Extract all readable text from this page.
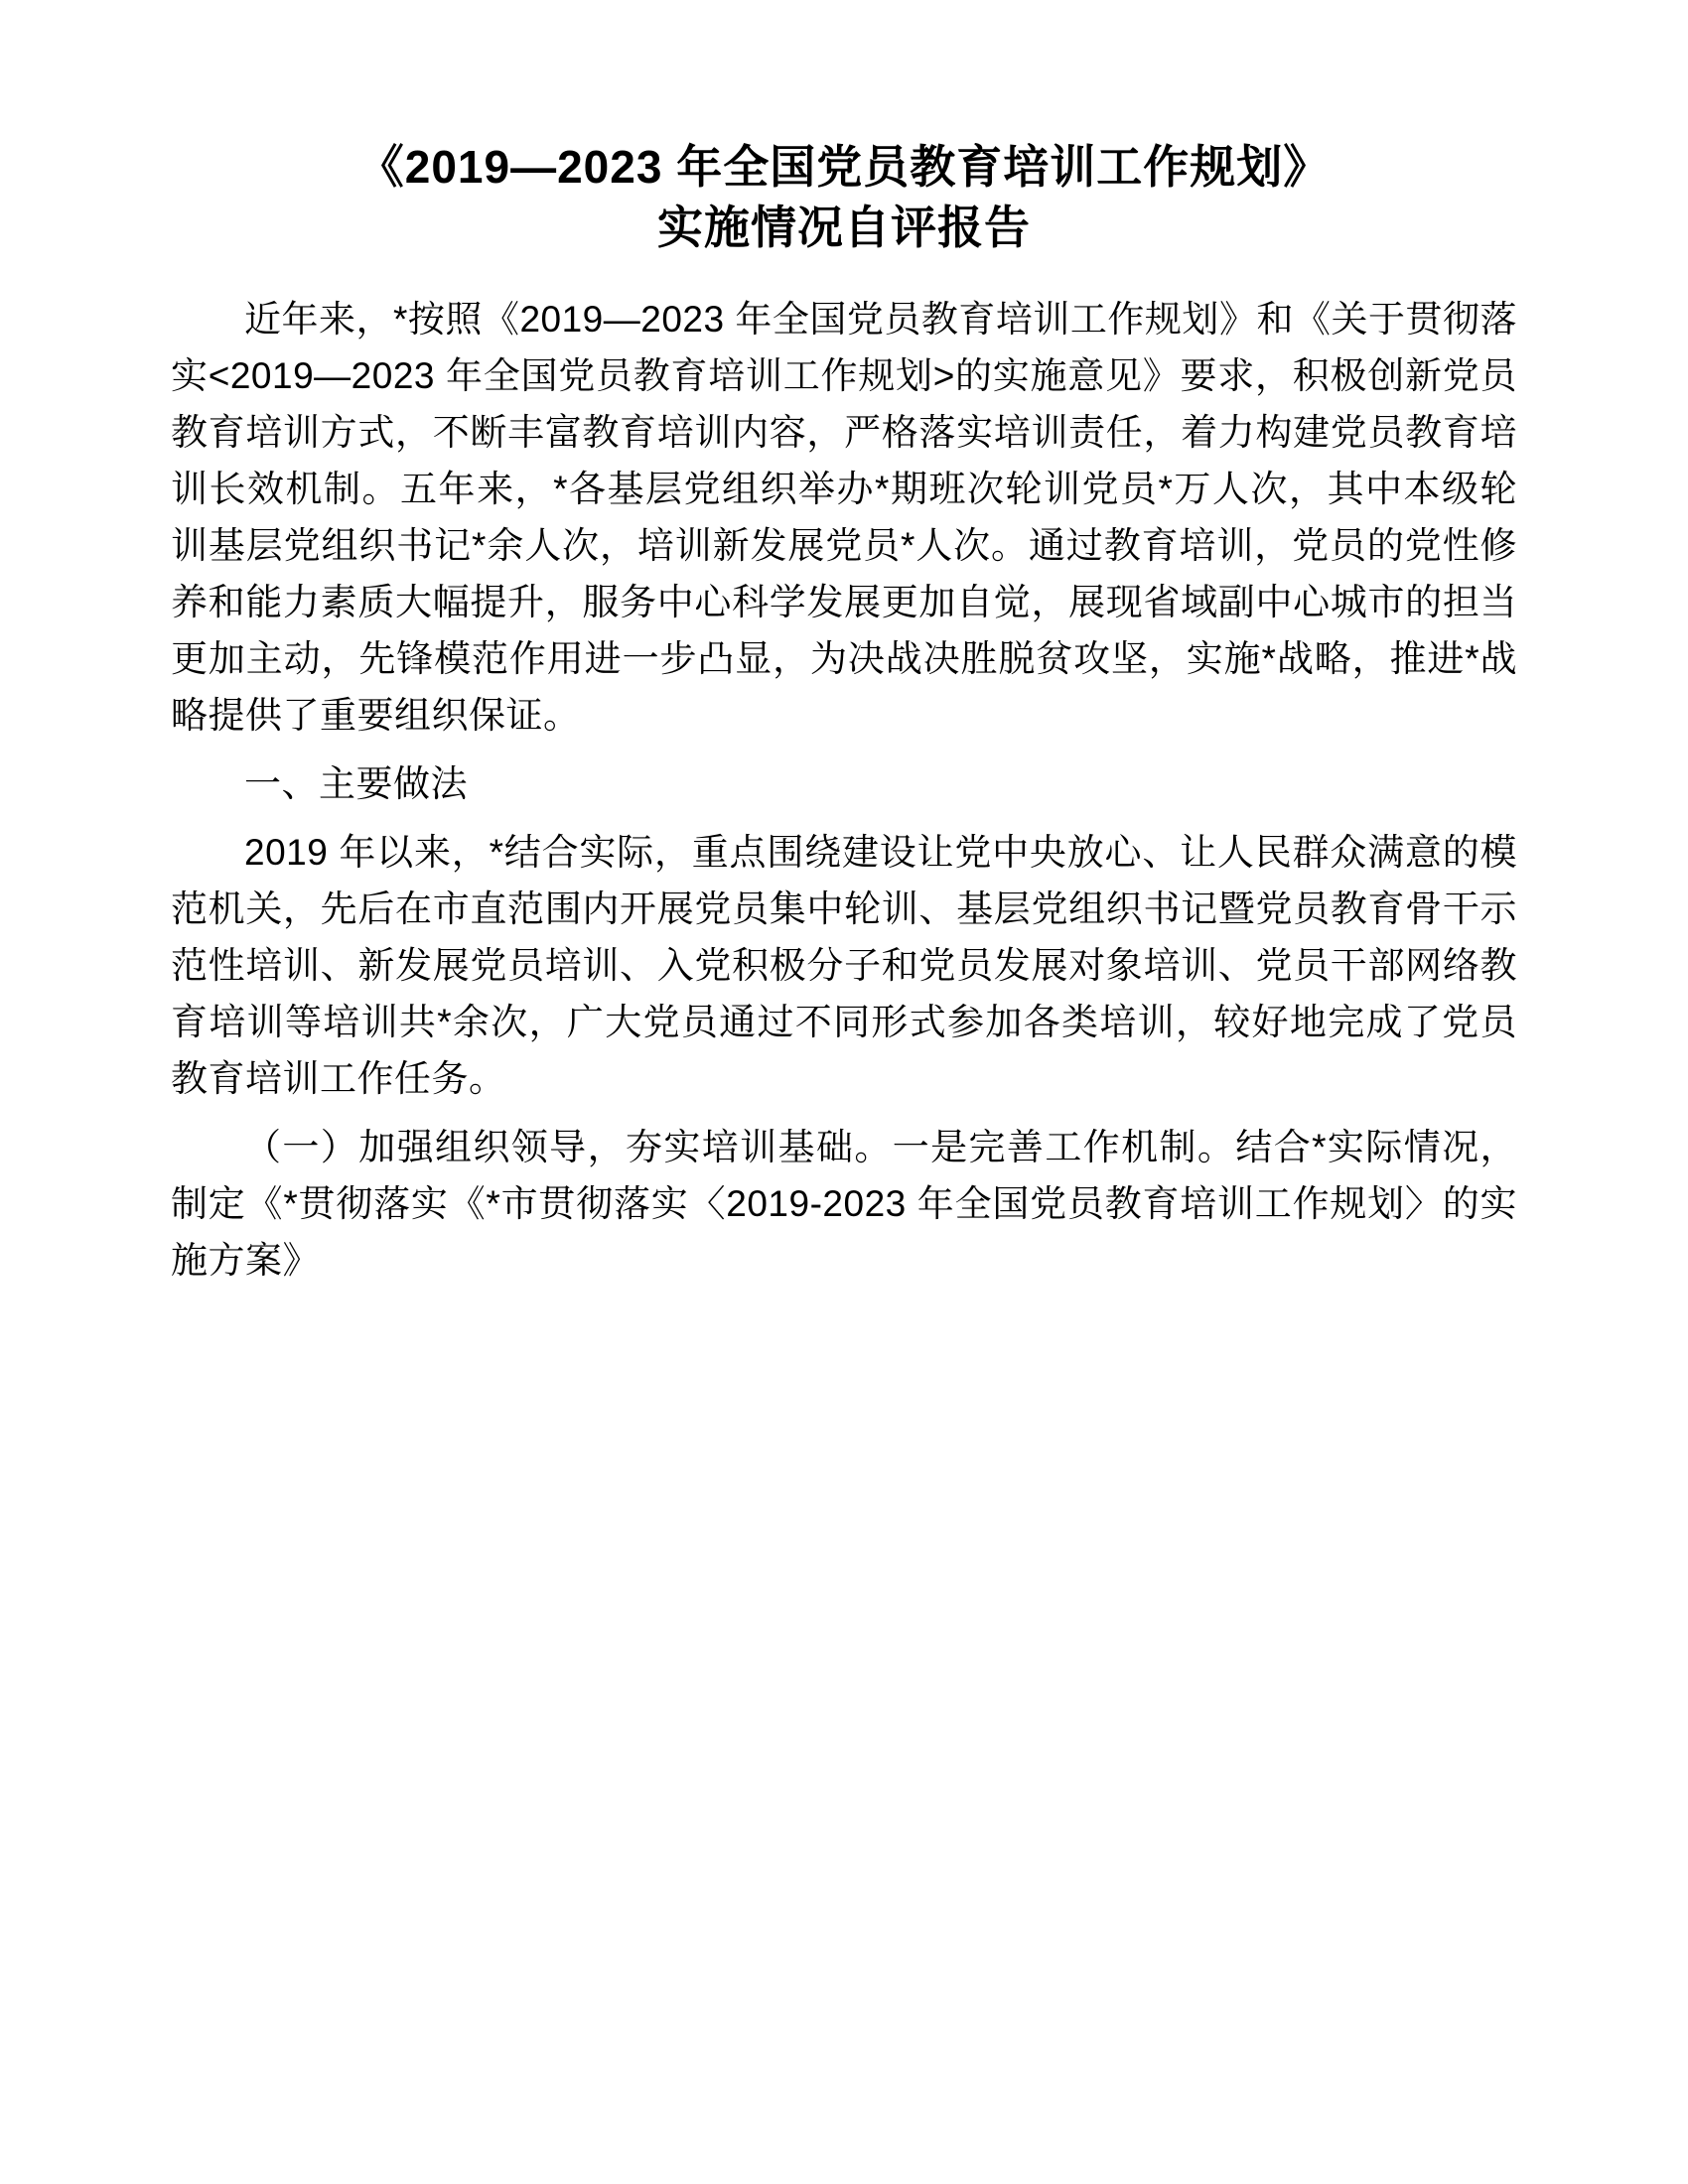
《2019—2023 年全国党员教育培训工作规划》
实施情况自评报告

近年来，*按照《2019—2023 年全国党员教育培训工作规划》和《关于贯彻落实<2019—2023 年全国党员教育培训工作规划>的实施意见》要求，积极创新党员教育培训方式，不断丰富教育培训内容，严格落实培训责任，着力构建党员教育培训长效机制。五年来，*各基层党组织举办*期班次轮训党员*万人次，其中本级轮训基层党组织书记*余人次，培训新发展党员*人次。通过教育培训，党员的党性修养和能力素质大幅提升，服务中心科学发展更加自觉，展现省域副中心城市的担当更加主动，先锋模范作用进一步凸显，为决战决胜脱贫攻坚，实施*战略，推进*战略提供了重要组织保证。

一、主要做法

2019 年以来，*结合实际，重点围绕建设让党中央放心、让人民群众满意的模范机关，先后在市直范围内开展党员集中轮训、基层党组织书记暨党员教育骨干示范性培训、新发展党员培训、入党积极分子和党员发展对象培训、党员干部网络教育培训等培训共*余次，广大党员通过不同形式参加各类培训，较好地完成了党员教育培训工作任务。

（一）加强组织领导，夯实培训基础。一是完善工作机制。结合*实际情况，制定《*贯彻落实《*市贯彻落实〈2019-2023 年全国党员教育培训工作规划〉的实施方案》
